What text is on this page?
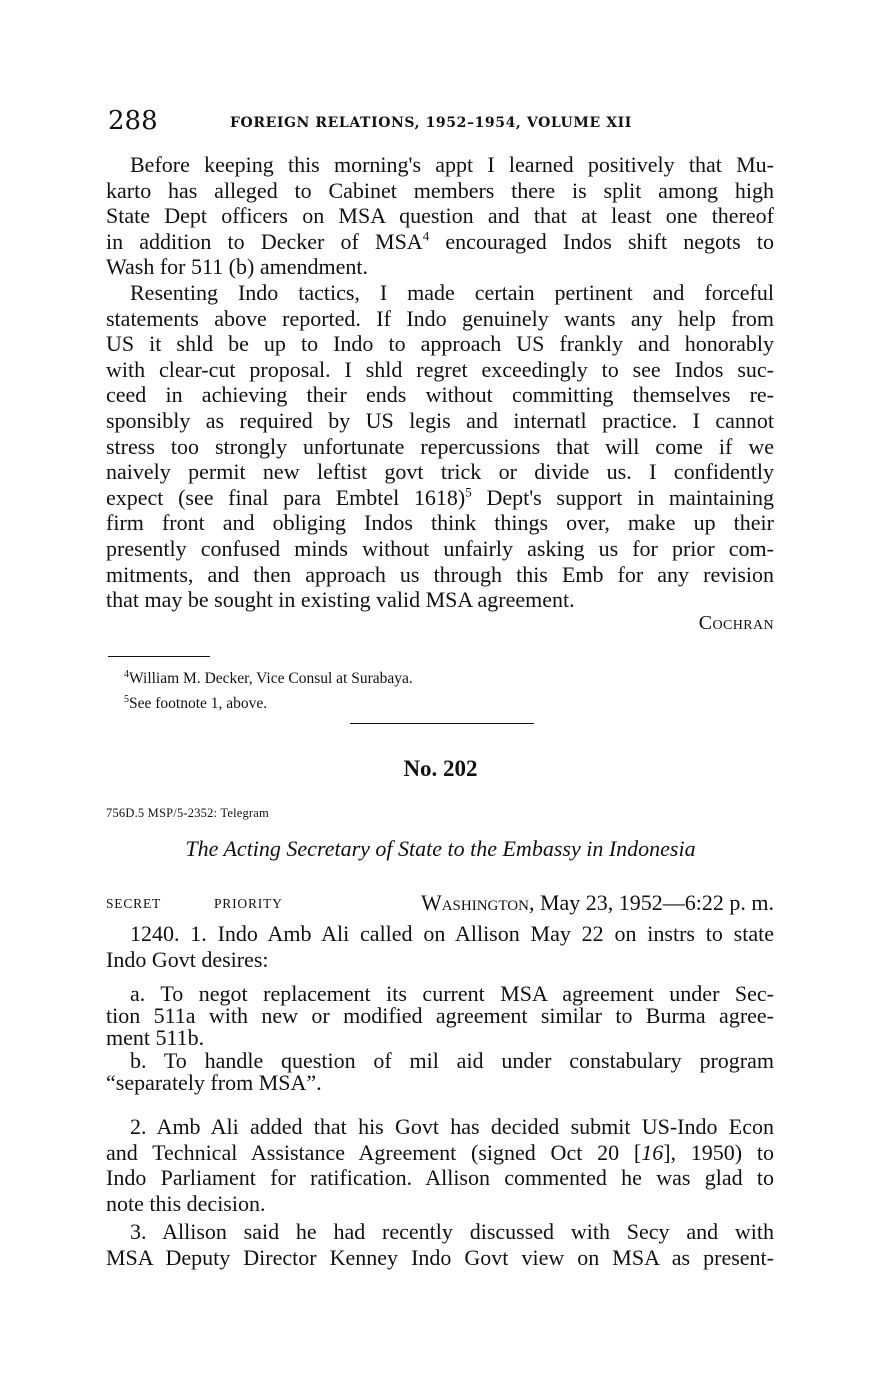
288	FOREIGN RELATIONS, 1952–1954, VOLUME XII

Before keeping this morning's appt I learned positively that Mu-
karto has alleged to Cabinet members there is split among high
State Dept officers on MSA question and that at least one thereof
in addition to Decker of MSA$^4$ encouraged Indos shift negots to
Wash for 511 (b) amendment.

Resenting Indo tactics, I made certain pertinent and forceful
statements above reported. If Indo genuinely wants any help from
US it shld be up to Indo to approach US frankly and honorably
with clear-cut proposal. I shld regret exceedingly to see Indos suc-
ceed in achieving their ends without committing themselves re-
sponsibly as required by US legis and internatl practice. I cannot
stress too strongly unfortunate repercussions that will come if we
naively permit new leftist govt trick or divide us. I confidently
expect (see final para Embtel 1618)$^5$ Dept's support in maintaining
firm front and obliging Indos think things over, make up their
presently confused minds without unfairly asking us for prior com-
mitments, and then approach us through this Emb for any revision
that may be sought in existing valid MSA agreement.

Cochran
$^4$William M. Decker, Vice Consul at Surabaya.
$^5$See footnote 1, above.
No. 202
756D.5 MSP/5-2352: Telegram
The Acting Secretary of State to the Embassy in Indonesia
SECRET	PRIORITY	Washington, May 23, 1952—6:22 p. m.

1240. 1. Indo Amb Ali called on Allison May 22 on instrs to state
Indo Govt desires:

a. To negot replacement its current MSA agreement under Sec-
tion 511a with new or modified agreement similar to Burma agree-
ment 511b.

b. To handle question of mil aid under constabulary program
“separately from MSA”.

2. Amb Ali added that his Govt has decided submit US-Indo Econ
and Technical Assistance Agreement (signed Oct 20 [16], 1950) to
Indo Parliament for ratification. Allison commented he was glad to
note this decision.

3. Allison said he had recently discussed with Secy and with
MSA Deputy Director Kenney Indo Govt view on MSA as present-
